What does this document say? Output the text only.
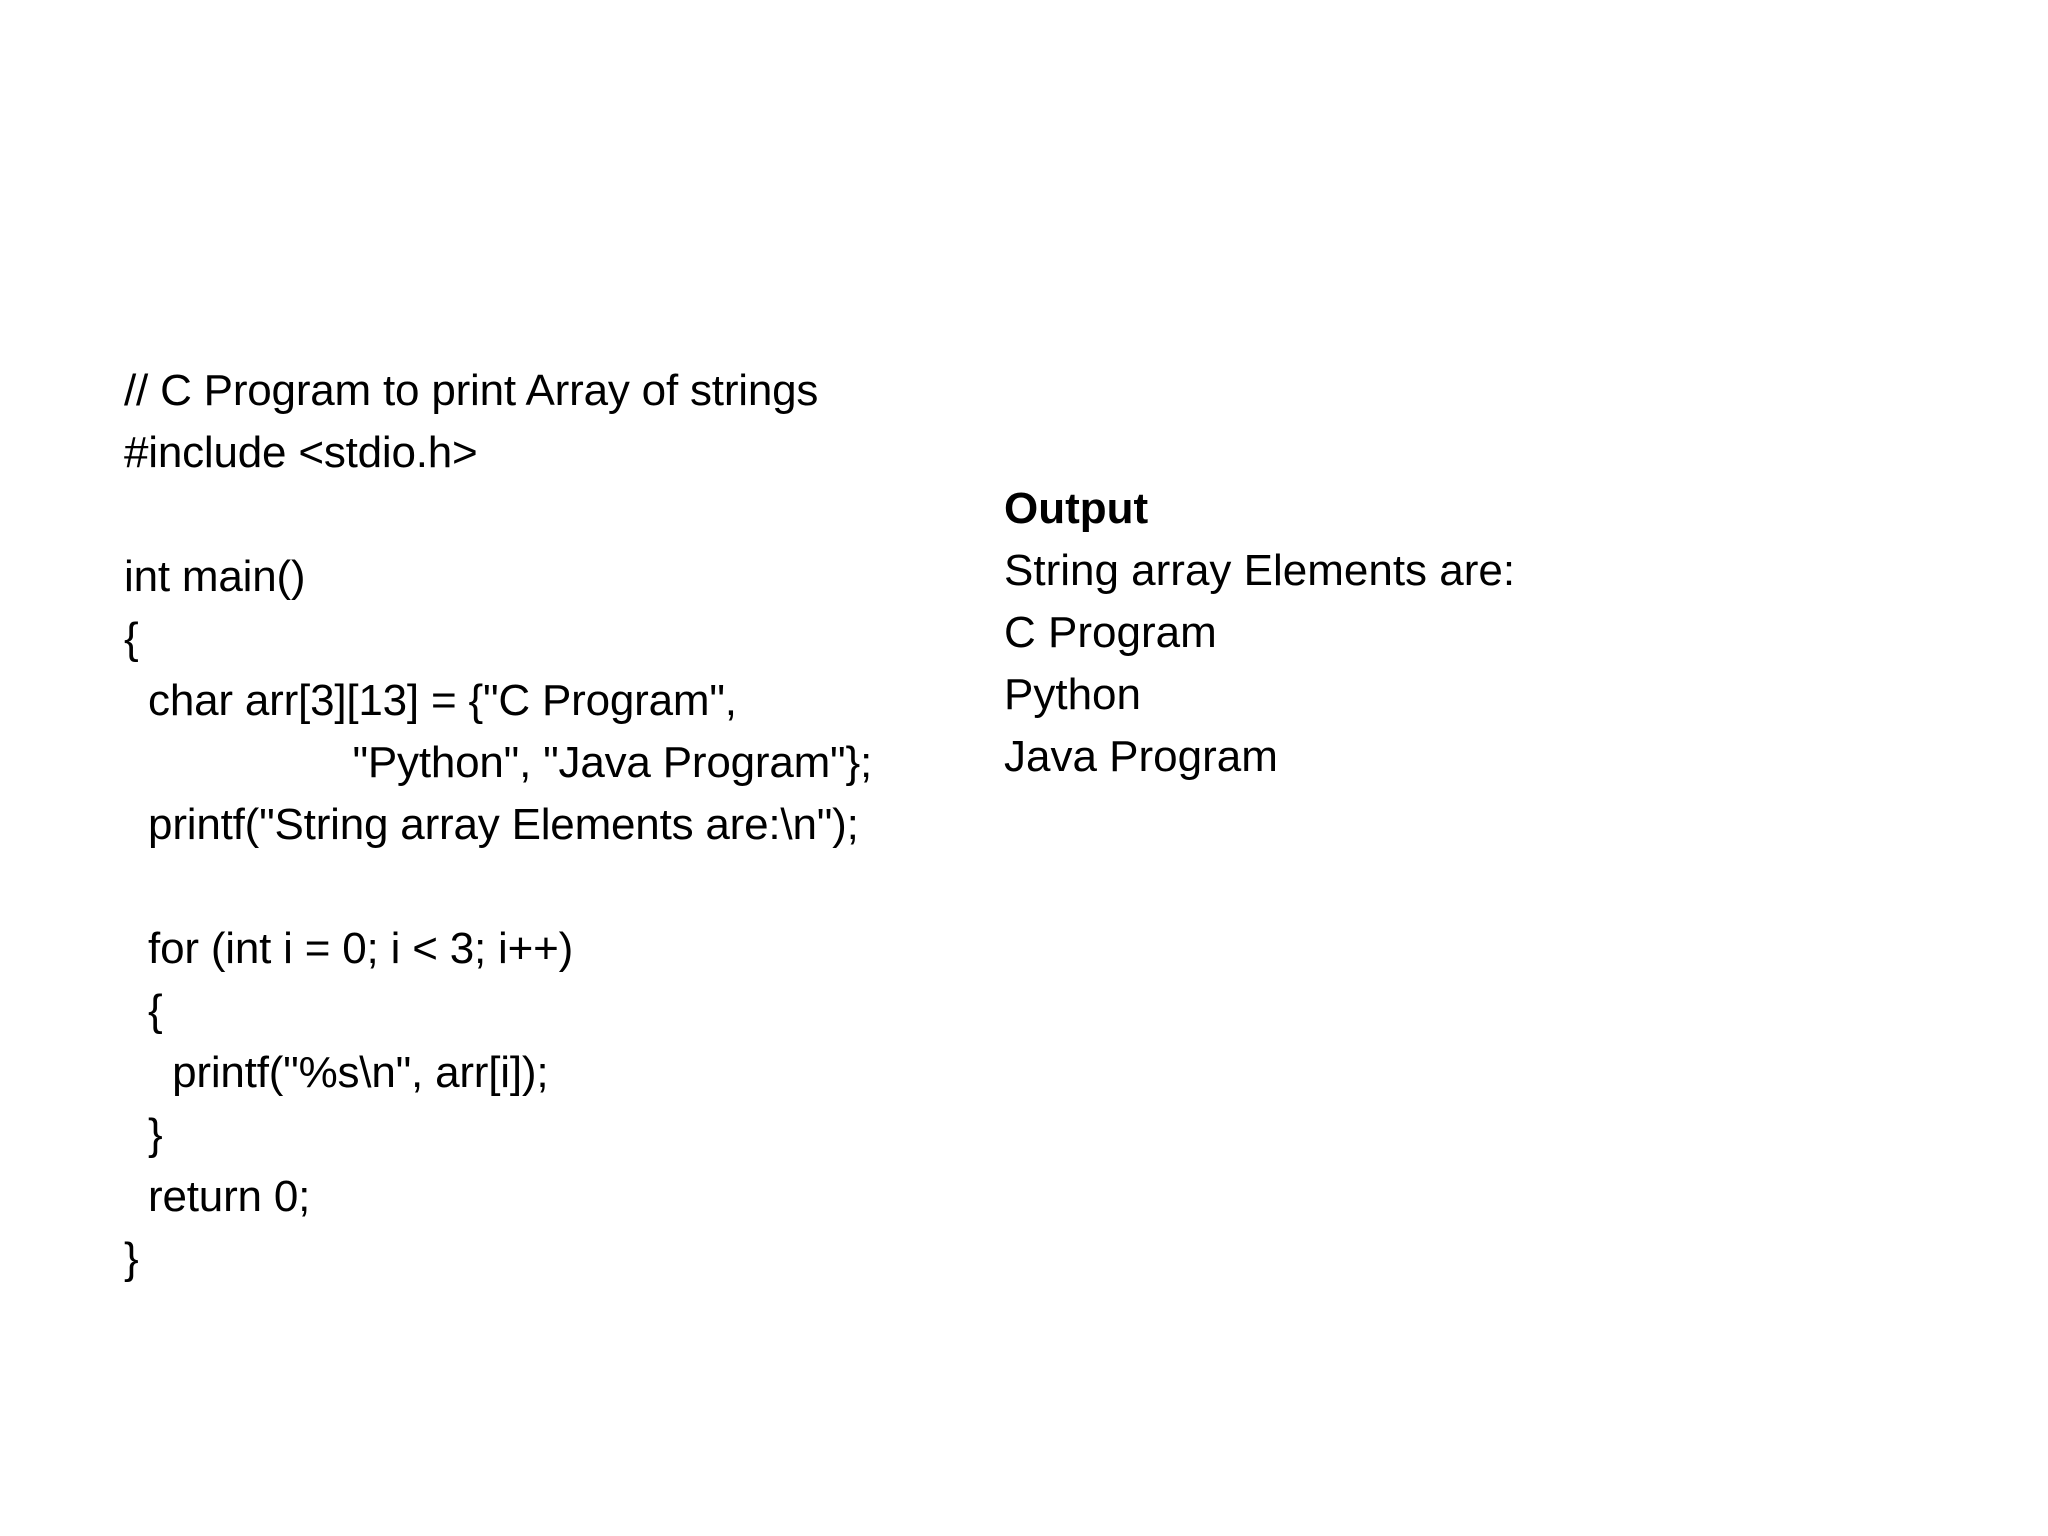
// C Program to print Array of strings
#include <stdio.h>
int main()
{
char arr[3][13] = {"C Program",
"Python", "Java Program"};
printf("String array Elements are:\n");
for (int i = 0; i < 3; i++)
{
printf("%s\n", arr[i]);
}
return 0;
}
Output
String array Elements are:
C Program
Python
Java Program
